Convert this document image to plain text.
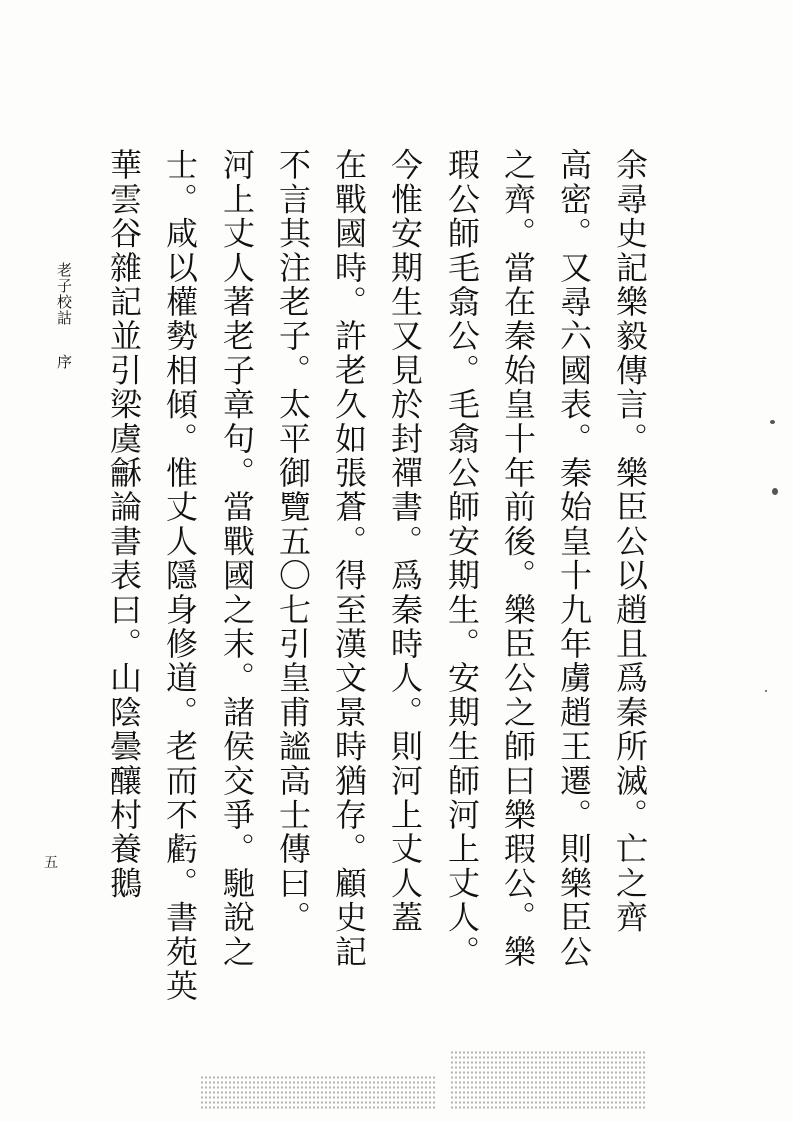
余尋史記樂毅傳言。樂臣公以趙且爲秦所滅。亡之齊
高密。又尋六國表。秦始皇十九年虜趙王遷。則樂臣公
之齊。當在秦始皇十年前後。樂臣公之師曰樂瑕公。樂
瑕公師毛翕公。毛翕公師安期生。安期生師河上丈人。
今惟安期生又見於封禪書。爲秦時人。則河上丈人蓋
在戰國時。許老久如張蒼。得至漢文景時猶存。顧史記
不言其注老子。太平御覽五〇七引皇甫謐高士傳曰。
河上丈人著老子章句。當戰國之末。諸侯交爭。馳說之
士。咸以權勢相傾。惟丈人隱身修道。老而不虧。書苑英
華雲谷雜記並引梁虞龢論書表曰。山陰曇釀村養鵝
老子校詁序
五
